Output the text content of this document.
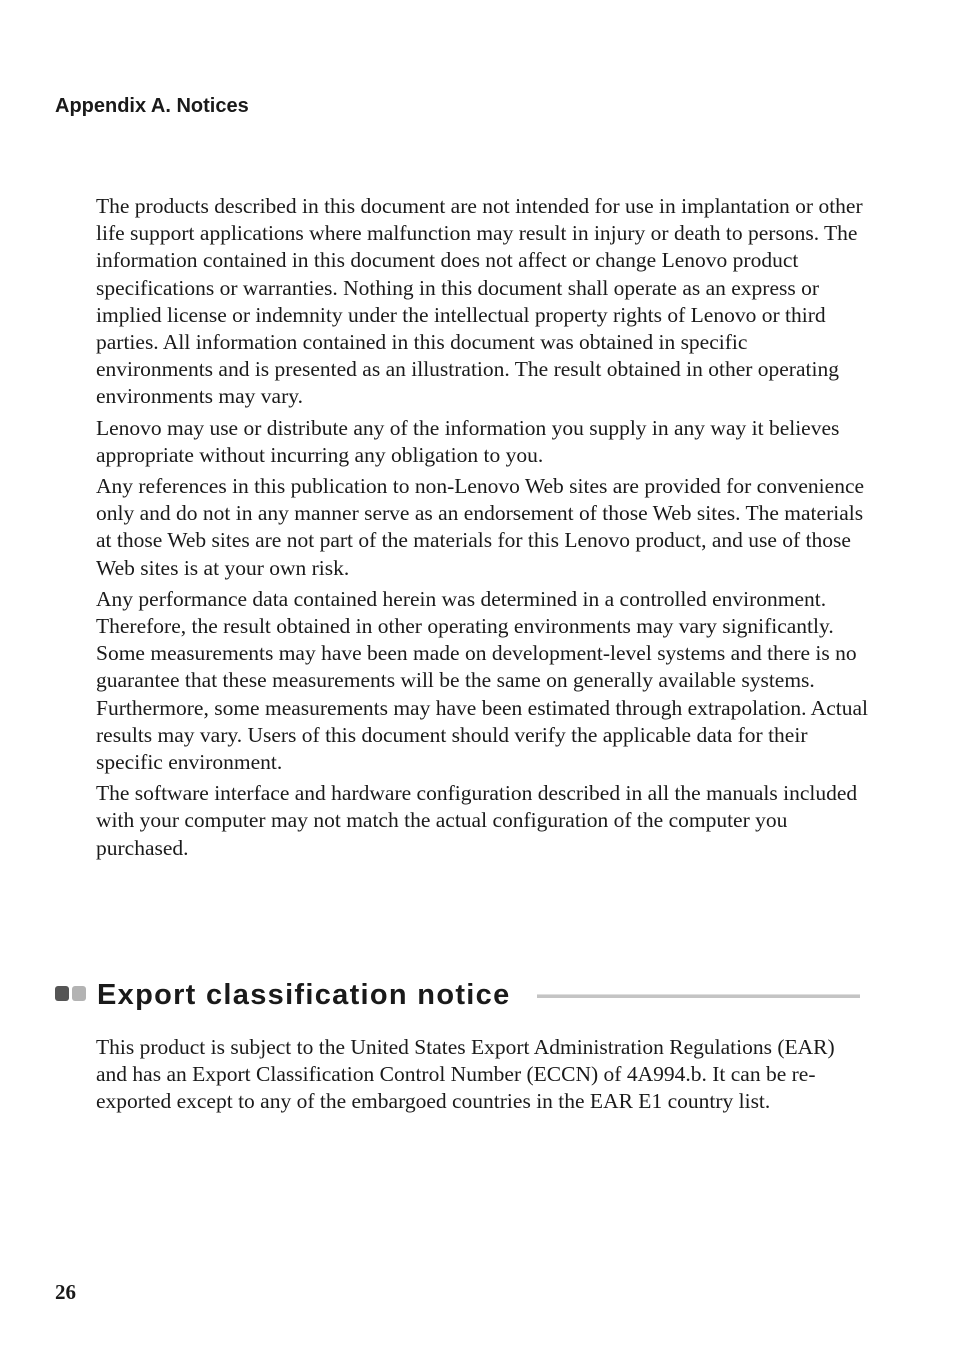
Appendix A. Notices

The products described in this document are not intended for use in implantation or other life support applications where malfunction may result in injury or death to persons. The information contained in this document does not affect or change Lenovo product specifications or warranties. Nothing in this document shall operate as an express or implied license or indemnity under the intellectual property rights of Lenovo or third parties. All information contained in this document was obtained in specific environments and is presented as an illustration. The result obtained in other operating environments may vary.

Lenovo may use or distribute any of the information you supply in any way it believes appropriate without incurring any obligation to you.

Any references in this publication to non-Lenovo Web sites are provided for convenience only and do not in any manner serve as an endorsement of those Web sites. The materials at those Web sites are not part of the materials for this Lenovo product, and use of those Web sites is at your own risk.

Any performance data contained herein was determined in a controlled environment. Therefore, the result obtained in other operating environments may vary significantly. Some measurements may have been made on development-level systems and there is no guarantee that these measurements will be the same on generally available systems. Furthermore, some measurements may have been estimated through extrapolation. Actual results may vary. Users of this document should verify the applicable data for their specific environment.

The software interface and hardware configuration described in all the manuals included with your computer may not match the actual configuration of the computer you purchased.

Export classification notice

This product is subject to the United States Export Administration Regulations (EAR) and has an Export Classification Control Number (ECCN) of 4A994.b. It can be re-exported except to any of the embargoed countries in the EAR E1 country list.

26
